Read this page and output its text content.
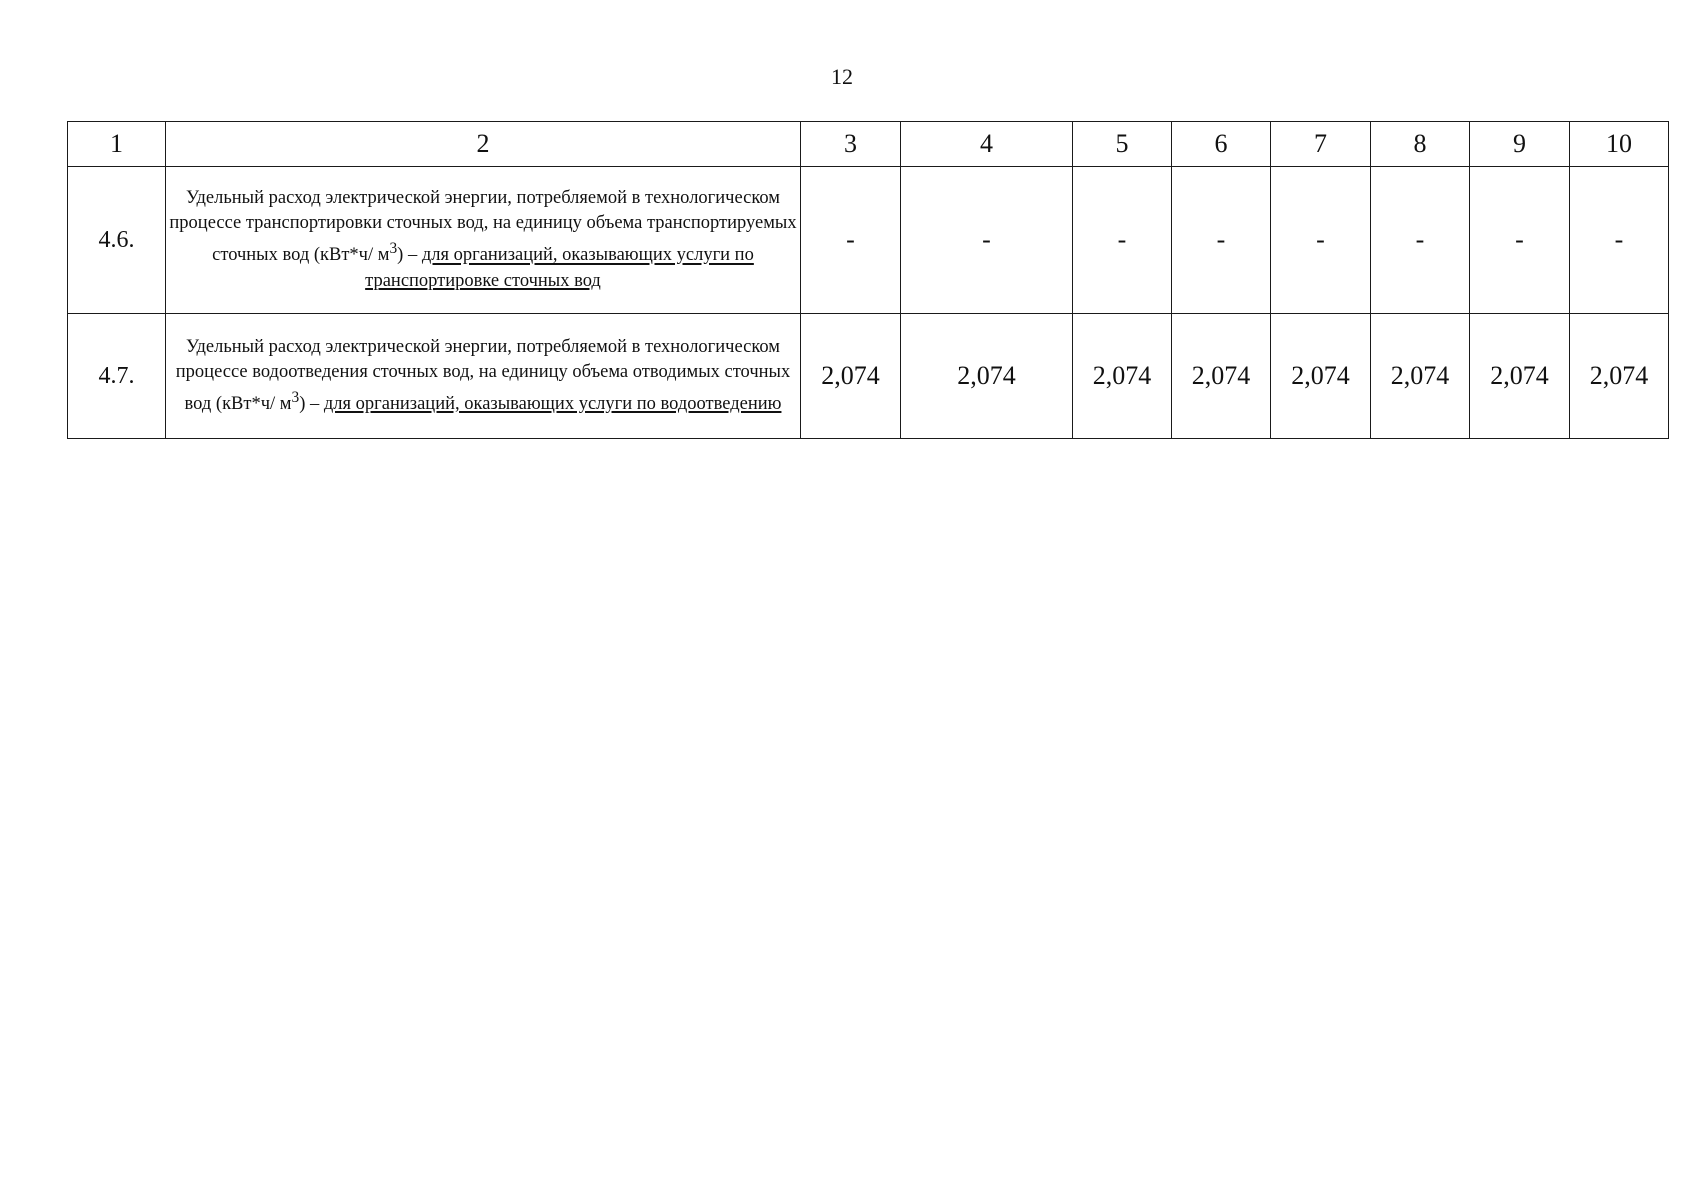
12
1	2	3	4	5	6	7	8	9	10
4.6.	Удельный расход электрической энергии, потребляемой в технологическом процессе транспортировки сточных вод, на единицу объема транспортируемых сточных вод (кВт*ч/ $м^3$) – для организаций, оказывающих услуги по транспортировке сточных вод	-	-	-	-	-	-	-	-
4.7.	Удельный расход электрической энергии, потребляемой в технологическом процессе водоотведения сточных вод, на единицу объема отводимых сточных вод (кВт*ч/ $м^3$) – для организаций, оказывающих услуги по водоотведению	2,074	2,074	2,074	2,074	2,074	2,074	2,074	2,074
